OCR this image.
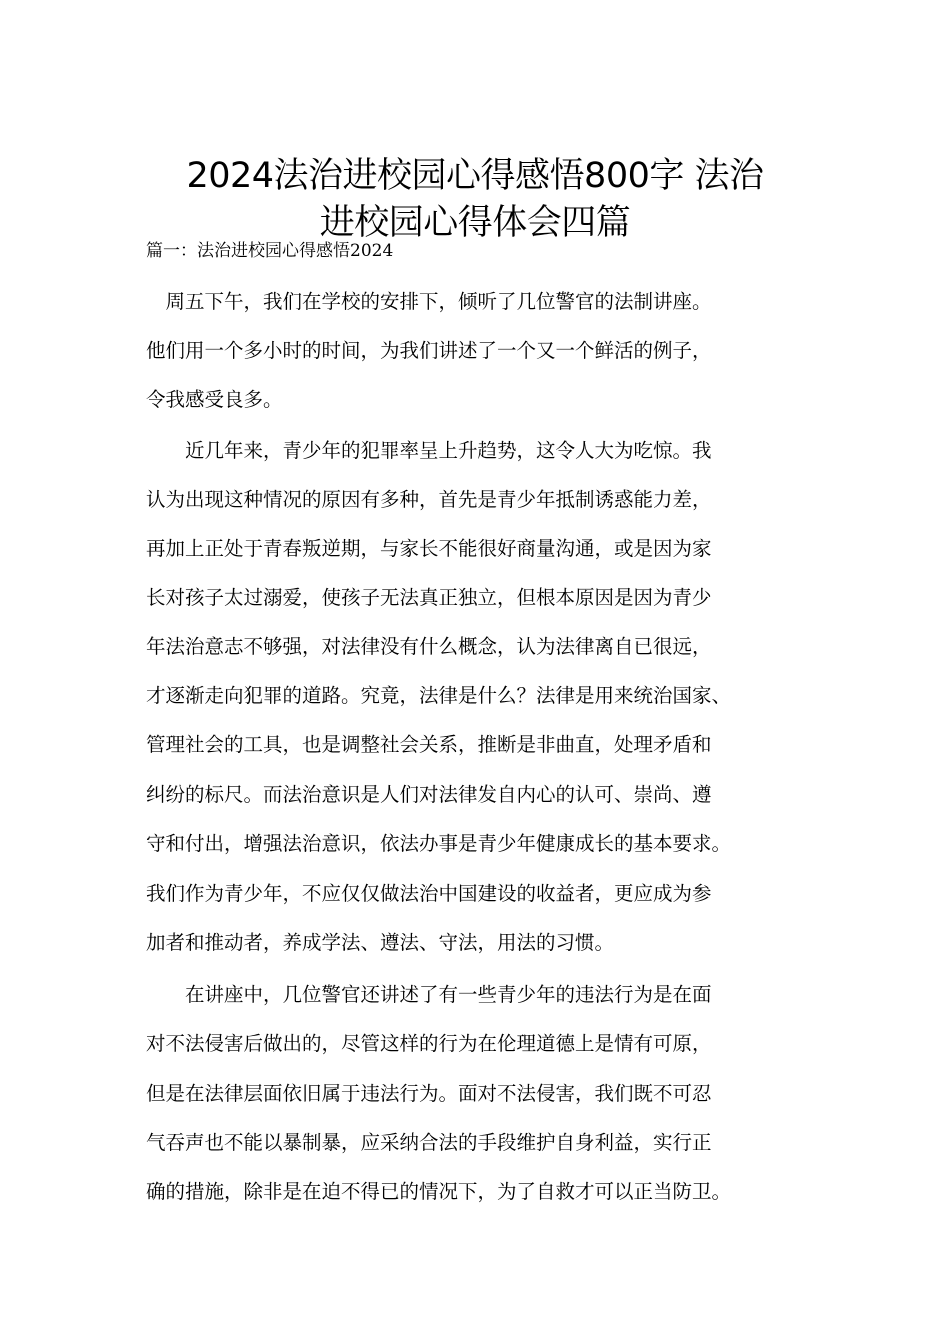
2024法治进校园心得感悟800字 法治
进校园心得体会四篇
篇一：法治进校园心得感悟2024
　周五下午，我们在学校的安排下，倾听了几位警官的法制讲座。
他们用一个多小时的时间，为我们讲述了一个又一个鲜活的例子，
令我感受良多。
　　近几年来，青少年的犯罪率呈上升趋势，这令人大为吃惊。我
认为出现这种情况的原因有多种，首先是青少年抵制诱惑能力差，
再加上正处于青春叛逆期，与家长不能很好商量沟通，或是因为家
长对孩子太过溺爱，使孩子无法真正独立，但根本原因是因为青少
年法治意志不够强，对法律没有什么概念，认为法律离自已很远，
才逐渐走向犯罪的道路。究竟，法律是什么？法律是用来统治国家、
管理社会的工具，也是调整社会关系，推断是非曲直，处理矛盾和
纠纷的标尺。而法治意识是人们对法律发自内心的认可、崇尚、遵
守和付出，增强法治意识，依法办事是青少年健康成长的基本要求。
我们作为青少年，不应仅仅做法治中国建设的收益者，更应成为参
加者和推动者，养成学法、遵法、守法，用法的习惯。
　　在讲座中，几位警官还讲述了有一些青少年的违法行为是在面
对不法侵害后做出的，尽管这样的行为在伦理道德上是情有可原，
但是在法律层面依旧属于违法行为。面对不法侵害，我们既不可忍
气吞声也不能以暴制暴，应采纳合法的手段维护自身利益，实行正
确的措施，除非是在迫不得已的情况下，为了自救才可以正当防卫。
